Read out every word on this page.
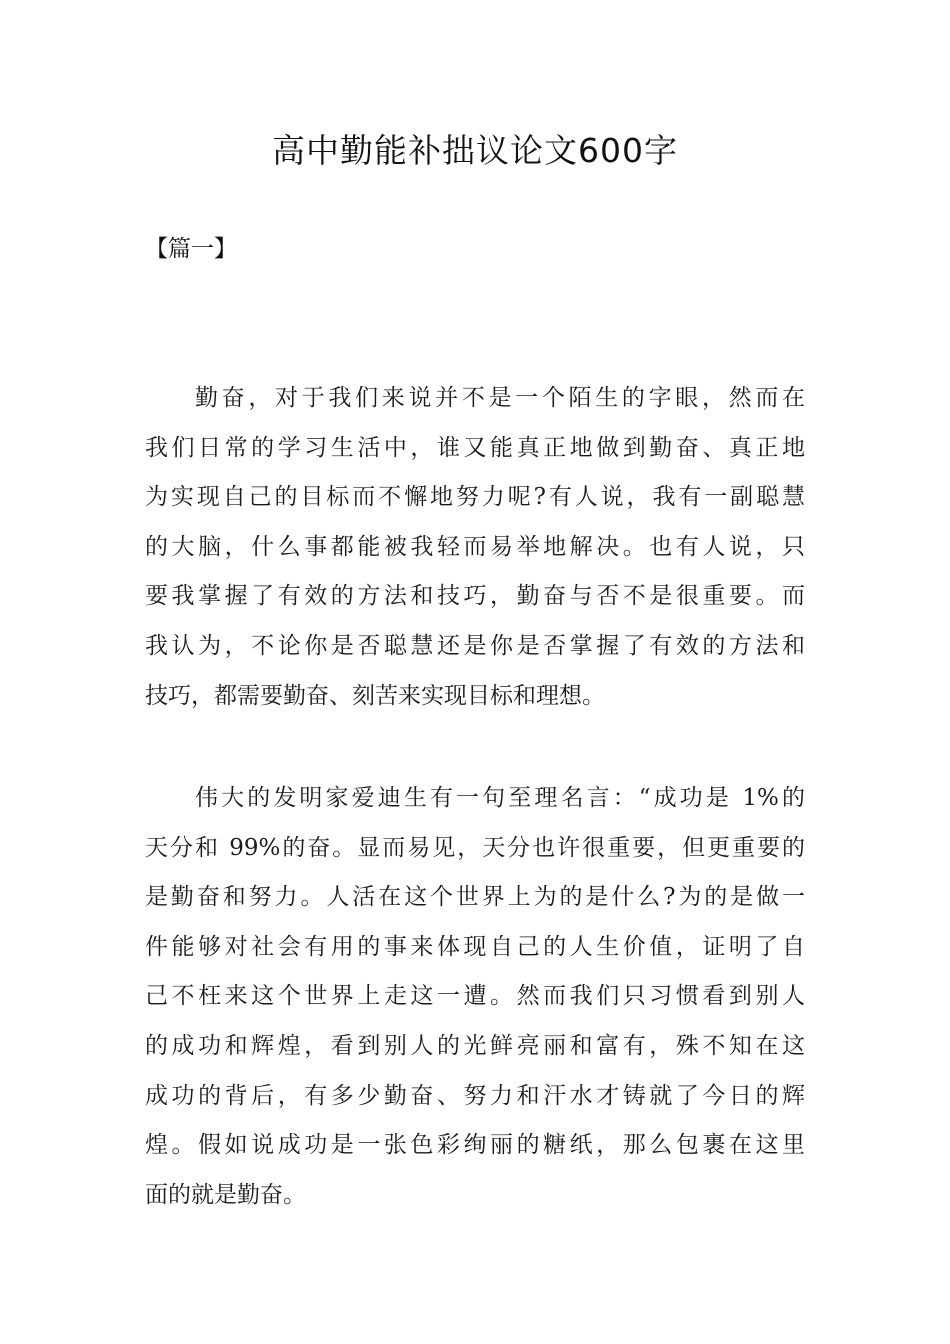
高中勤能补拙议论文600字
【篇一】
勤奋，对于我们来说并不是一个陌生的字眼，然而在
我们日常的学习生活中，谁又能真正地做到勤奋、真正地
为实现自己的目标而不懈地努力呢?有人说，我有一副聪慧
的大脑，什么事都能被我轻而易举地解决。也有人说，只
要我掌握了有效的方法和技巧，勤奋与否不是很重要。而
我认为，不论你是否聪慧还是你是否掌握了有效的方法和
技巧，都需要勤奋、刻苦来实现目标和理想。
伟大的发明家爱迪生有一句至理名言：“成功是 1%的
天分和 99%的奋。显而易见，天分也许很重要，但更重要的
是勤奋和努力。人活在这个世界上为的是什么?为的是做一
件能够对社会有用的事来体现自己的人生价值，证明了自
己不枉来这个世界上走这一遭。然而我们只习惯看到别人
的成功和辉煌，看到别人的光鲜亮丽和富有，殊不知在这
成功的背后，有多少勤奋、努力和汗水才铸就了今日的辉
煌。假如说成功是一张色彩绚丽的糖纸，那么包裹在这里
面的就是勤奋。
